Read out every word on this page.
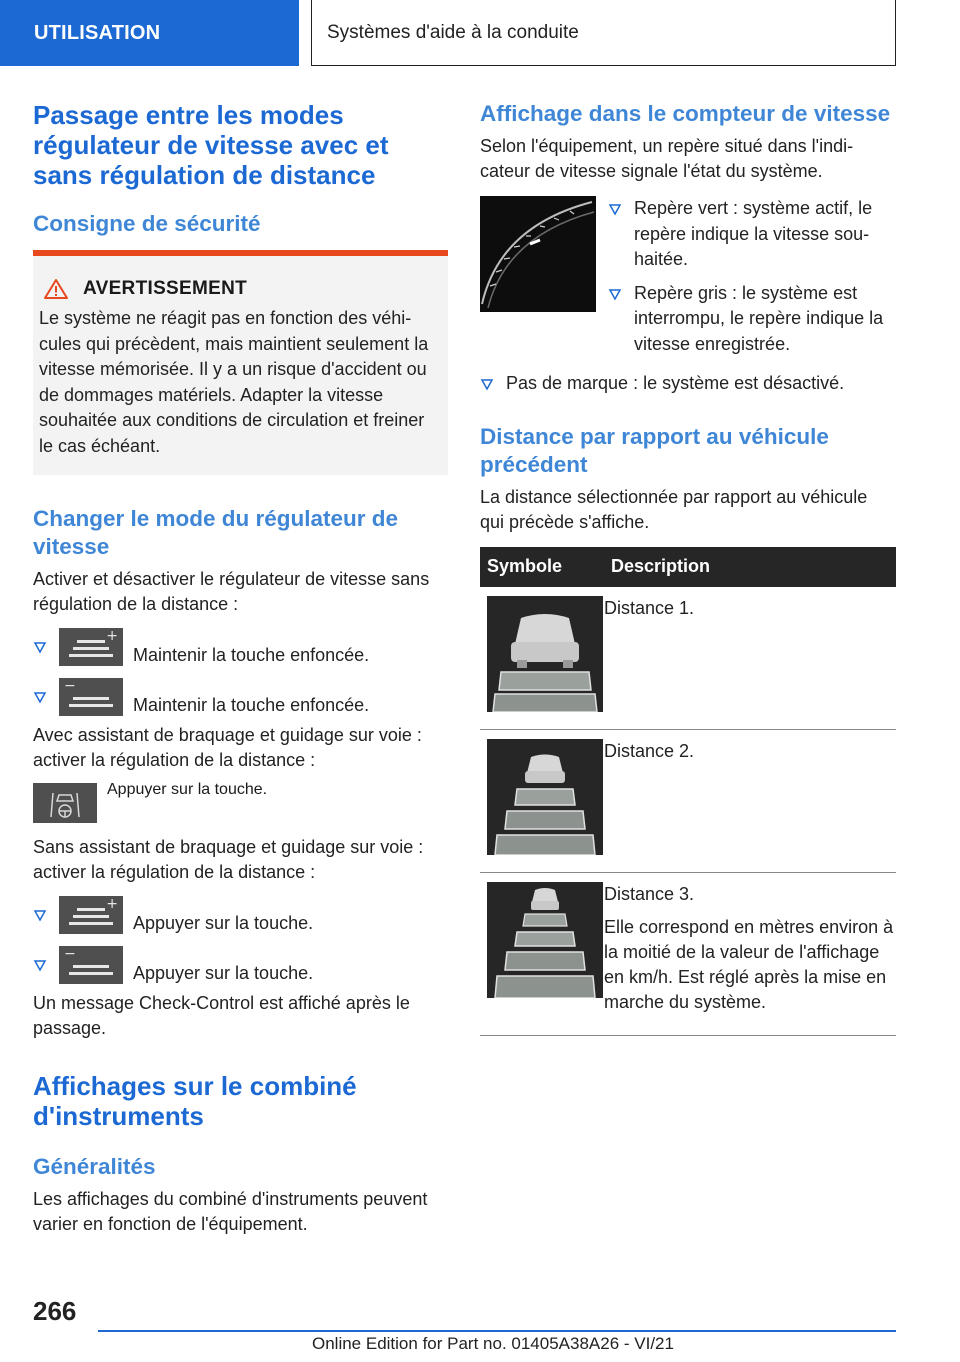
UTILISATION	Systèmes d'aide à la conduite
Passage entre les modes régulateur de vitesse avec et sans régulation de distance
Consigne de sécurité
AVERTISSEMENT

Le système ne réagit pas en fonction des véhicules qui précèdent, mais maintient seulement la vitesse mémorisée. Il y a un risque d'accident ou de dommages matériels. Adapter la vitesse souhaitée aux conditions de circulation et freiner le cas échéant.

Changer le mode du régulateur de vitesse

Activer et désactiver le régulateur de vitesse sans régulation de la distance :

+
Maintenir la touche enfoncée.
−
Maintenir la touche enfoncée.

Avec assistant de braquage et guidage sur voie : activer la régulation de la distance :

Appuyer sur la touche.

Sans assistant de braquage et guidage sur voie : activer la régulation de la distance :

+
Appuyer sur la touche.
−
Appuyer sur la touche.

Un message Check-Control est affiché après le passage.

Affichages sur le combiné d'instruments
Généralités

Les affichages du combiné d'instruments peuvent varier en fonction de l'équipement.

Affichage dans le compteur de vitesse

Selon l'équipement, un repère situé dans l'indicateur de vitesse signale l'état du système.

Repère vert : système actif, le repère indique la vitesse souhaitée.

Repère gris : le système est interrompu, le repère indique la vitesse enregistrée.

Pas de marque : le système est désactivé.

Distance par rapport au véhicule précédent

La distance sélectionnée par rapport au véhicule qui précède s'affiche.

Symbole	Description

Distance 1.

Distance 2.

Distance 3.

Elle correspond en mètres environ à la moitié de la valeur de l'affichage en km/h. Est réglé après la mise en marche du système.

266
Online Edition for Part no. 01405A38A26 - VI/21
